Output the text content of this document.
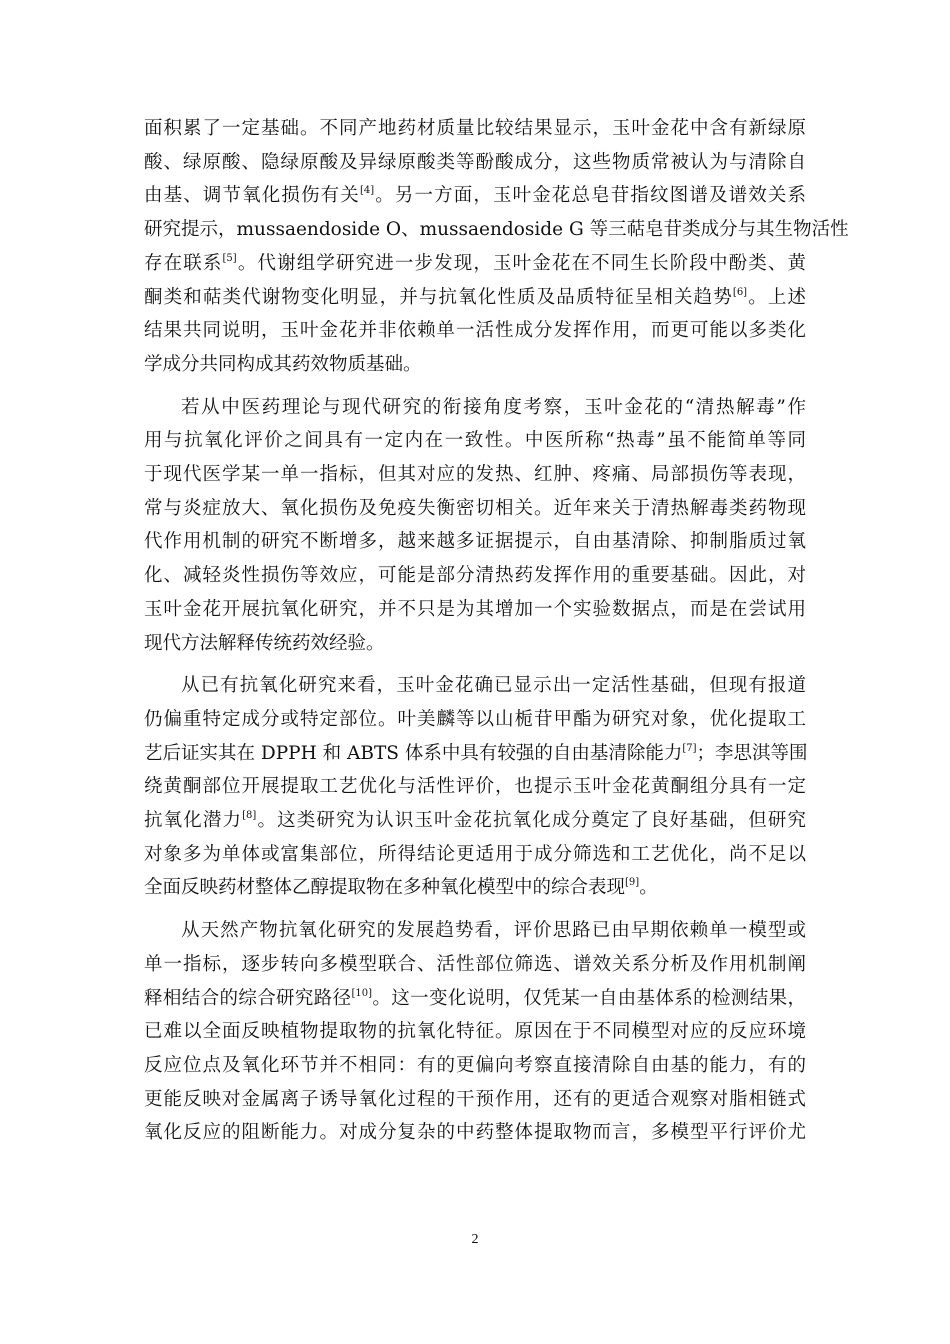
面积累了一定基础。不同产地药材质量比较结果显示，玉叶金花中含有新绿原
酸、绿原酸、隐绿原酸及异绿原酸类等酚酸成分，这些物质常被认为与清除自
由基、调节氧化损伤有关[4]。另一方面，玉叶金花总皂苷指纹图谱及谱效关系
研究提示，mussaendoside O、mussaendoside G 等三萜皂苷类成分与其生物活性
存在联系[5]。代谢组学研究进一步发现，玉叶金花在不同生长阶段中酚类、黄
酮类和萜类代谢物变化明显，并与抗氧化性质及品质特征呈相关趋势[6]。上述
结果共同说明，玉叶金花并非依赖单一活性成分发挥作用，而更可能以多类化
学成分共同构成其药效物质基础。

若从中医药理论与现代研究的衔接角度考察，玉叶金花的“清热解毒”作
用与抗氧化评价之间具有一定内在一致性。中医所称“热毒”虽不能简单等同
于现代医学某一单一指标，但其对应的发热、红肿、疼痛、局部损伤等表现，
常与炎症放大、氧化损伤及免疫失衡密切相关。近年来关于清热解毒类药物现
代作用机制的研究不断增多，越来越多证据提示，自由基清除、抑制脂质过氧
化、减轻炎性损伤等效应，可能是部分清热药发挥作用的重要基础。因此，对
玉叶金花开展抗氧化研究，并不只是为其增加一个实验数据点，而是在尝试用
现代方法解释传统药效经验。

从已有抗氧化研究来看，玉叶金花确已显示出一定活性基础，但现有报道
仍偏重特定成分或特定部位。叶美麟等以山栀苷甲酯为研究对象，优化提取工
艺后证实其在 DPPH 和 ABTS 体系中具有较强的自由基清除能力[7]；李思淇等围
绕黄酮部位开展提取工艺优化与活性评价，也提示玉叶金花黄酮组分具有一定
抗氧化潜力[8]。这类研究为认识玉叶金花抗氧化成分奠定了良好基础，但研究
对象多为单体或富集部位，所得结论更适用于成分筛选和工艺优化，尚不足以
全面反映药材整体乙醇提取物在多种氧化模型中的综合表现[9]。

从天然产物抗氧化研究的发展趋势看，评价思路已由早期依赖单一模型或
单一指标，逐步转向多模型联合、活性部位筛选、谱效关系分析及作用机制阐
释相结合的综合研究路径[10]。这一变化说明，仅凭某一自由基体系的检测结果，
已难以全面反映植物提取物的抗氧化特征。原因在于不同模型对应的反应环境
反应位点及氧化环节并不相同：有的更偏向考察直接清除自由基的能力，有的
更能反映对金属离子诱导氧化过程的干预作用，还有的更适合观察对脂相链式
氧化反应的阻断能力。对成分复杂的中药整体提取物而言，多模型平行评价尤

2
